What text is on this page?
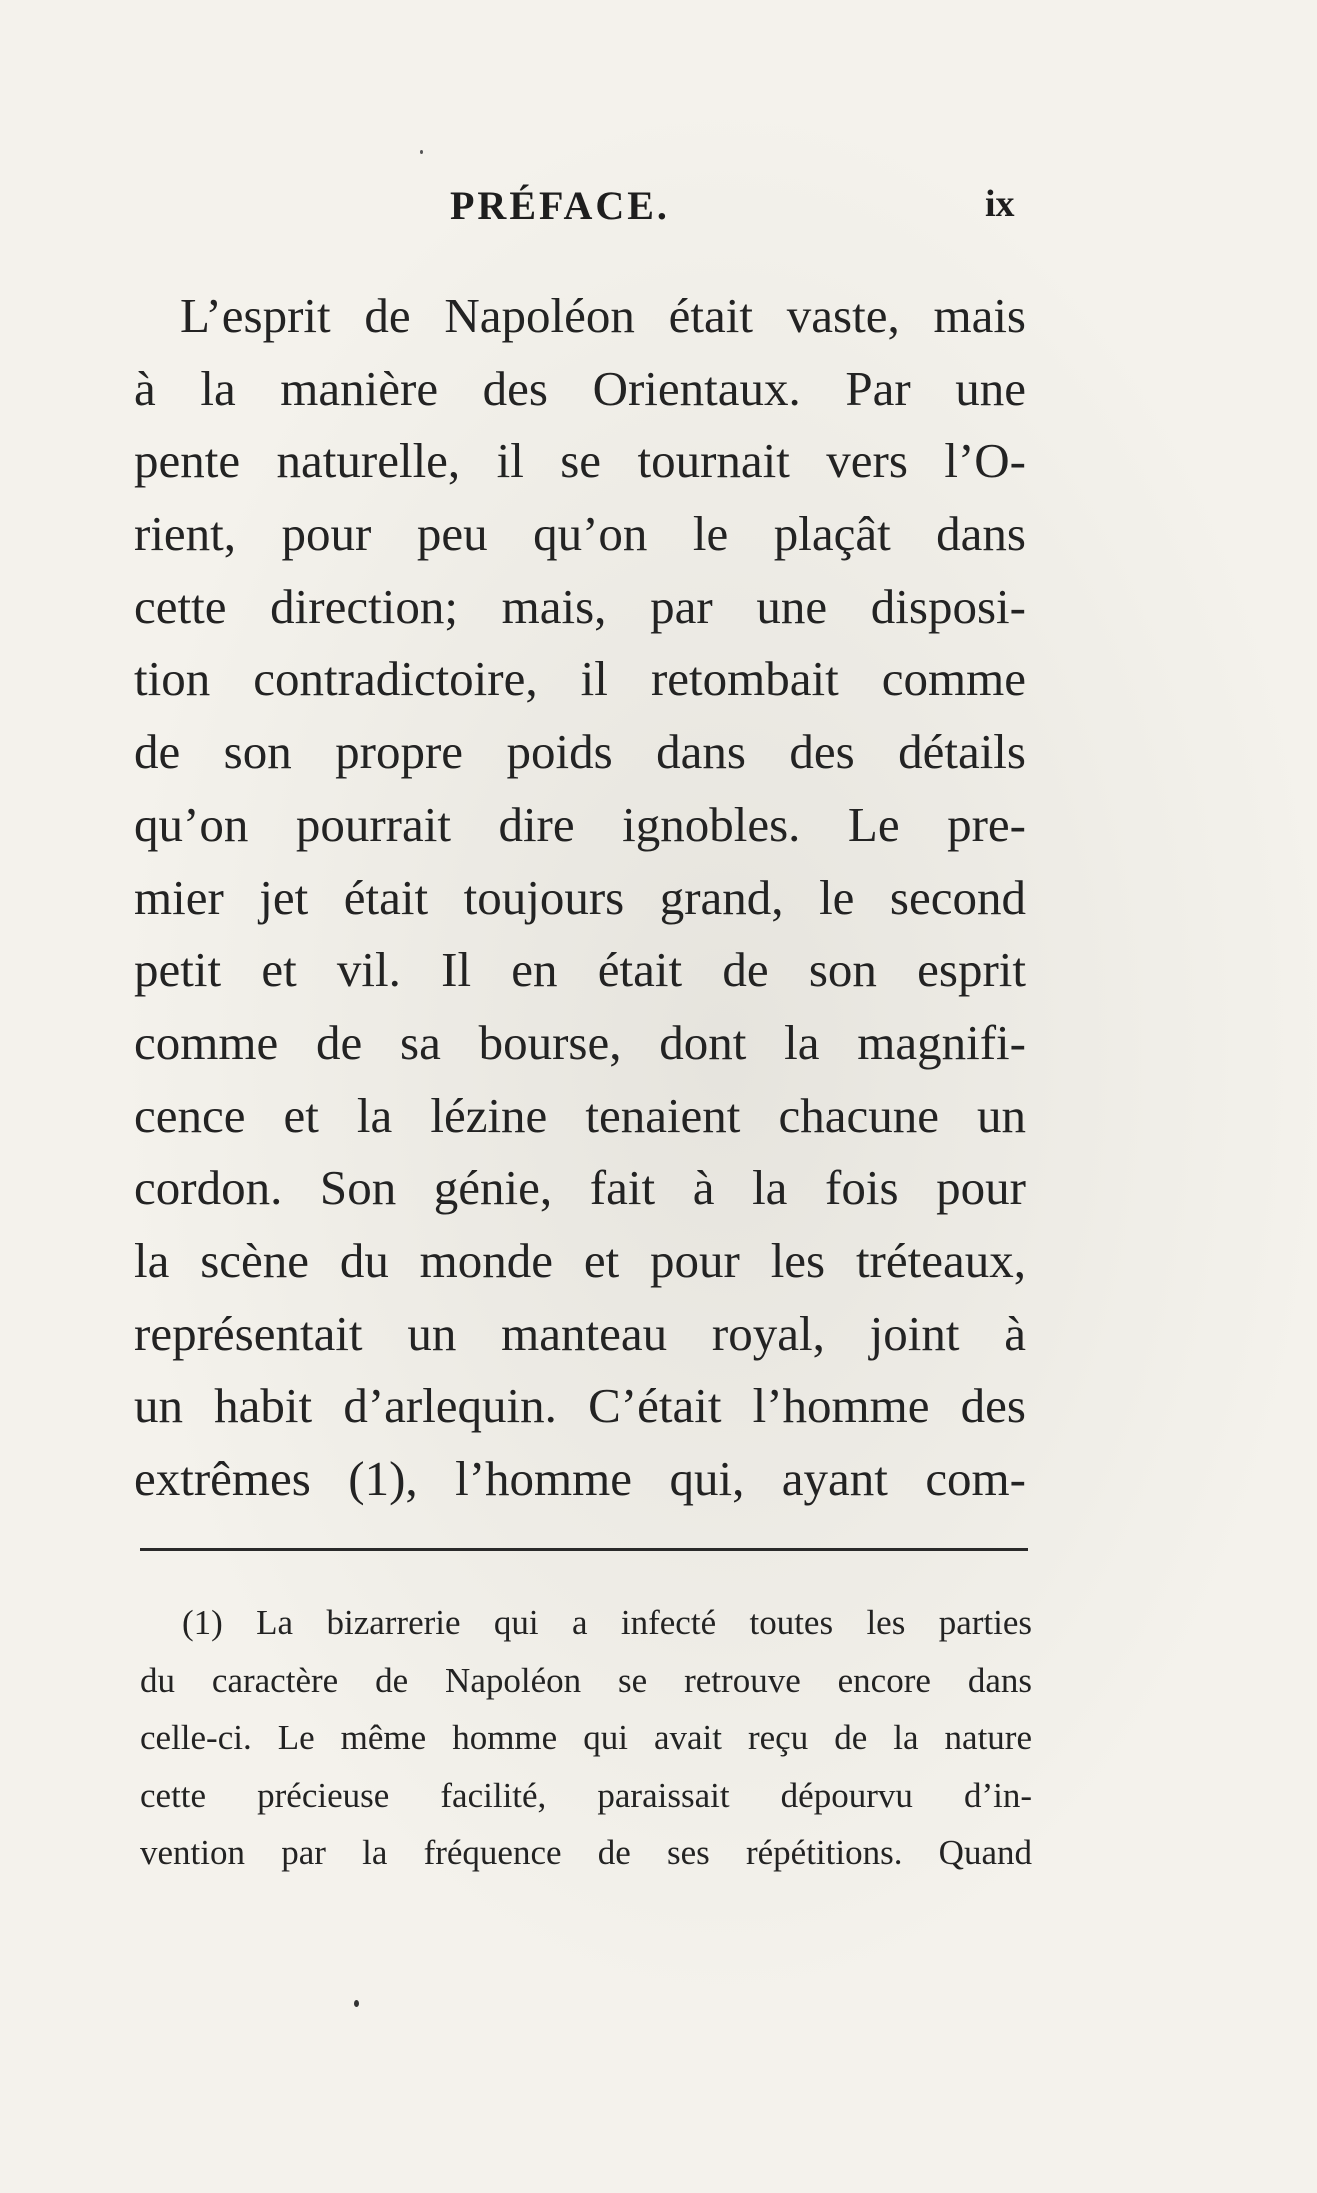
PRÉFACE.	ix
L’esprit de Napoléon était vaste, mais
à la manière des Orientaux. Par une
pente naturelle, il se tournait vers l’O-
rient, pour peu qu’on le plaçât dans
cette direction; mais, par une disposi-
tion contradictoire, il retombait comme
de son propre poids dans des détails
qu’on pourrait dire ignobles. Le pre-
mier jet était toujours grand, le second
petit et vil. Il en était de son esprit
comme de sa bourse, dont la magnifi-
cence et la lézine tenaient chacune un
cordon. Son génie, fait à la fois pour
la scène du monde et pour les tréteaux,
représentait un manteau royal, joint à
un habit d’arlequin. C’était l’homme des
extrêmes (1), l’homme qui, ayant com-
(1) La bizarrerie qui a infecté toutes les parties
du caractère de Napoléon se retrouve encore dans
celle-ci. Le même homme qui avait reçu de la nature
cette précieuse facilité, paraissait dépourvu d’in-
vention par la fréquence de ses répétitions. Quand
